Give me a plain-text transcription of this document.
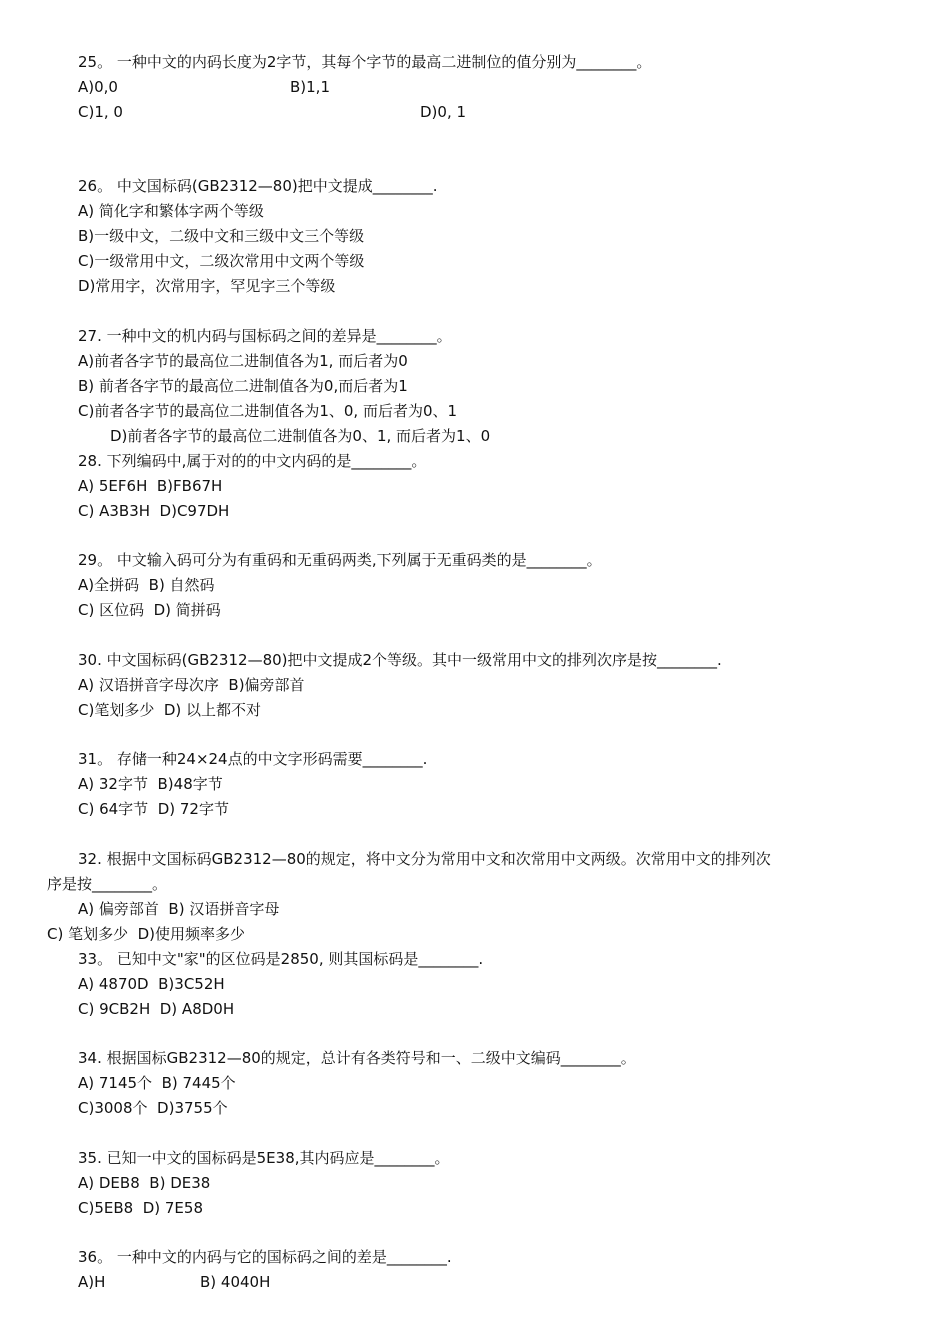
25。 一种中文的内码长度为2字节，其每个字节的最高二进制位的值分别为________。
A)0,0	B)1,1
C)1, 0	D)0, 1
26。 中文国标码(GB2312—80)把中文提成________.
A) 简化字和繁体字两个等级
B)一级中文，二级中文和三级中文三个等级
C)一级常用中文，二级次常用中文两个等级
D)常用字，次常用字，罕见字三个等级
27. 一种中文的机内码与国标码之间的差异是________。
A)前者各字节的最高位二进制值各为1, 而后者为0
B) 前者各字节的最高位二进制值各为0,而后者为1
C)前者各字节的最高位二进制值各为1、0, 而后者为0、1
D)前者各字节的最高位二进制值各为0、1, 而后者为1、0
28. 下列编码中,属于对的的中文内码的是________。
A) 5EF6H  B)FB67H
C) A3B3H  D)C97DH
29。 中文输入码可分为有重码和无重码两类,下列属于无重码类的是________。
A)全拼码  B) 自然码
C) 区位码  D) 简拼码
30. 中文国标码(GB2312—80)把中文提成2个等级。其中一级常用中文的排列次序是按________.
A) 汉语拼音字母次序  B)偏旁部首
C)笔划多少  D) 以上都不对
31。 存储一种24×24点的中文字形码需要________.
A) 32字节  B)48字节
C) 64字节  D) 72字节
32. 根据中文国标码GB2312—80的规定，将中文分为常用中文和次常用中文两级。次常用中文的排列次
序是按________。
A) 偏旁部首  B) 汉语拼音字母
C) 笔划多少  D)使用频率多少
33。 已知中文"家"的区位码是2850, 则其国标码是________.
A) 4870D  B)3C52H
C) 9CB2H  D) A8D0H
34. 根据国标GB2312—80的规定，总计有各类符号和一、二级中文编码________。
A) 7145个  B) 7445个
C)3008个  D)3755个
35. 已知一中文的国标码是5E38,其内码应是________。
A) DEB8  B) DE38
C)5EB8  D) 7E58
36。 一种中文的内码与它的国标码之间的差是________.
A)H	B) 4040H
